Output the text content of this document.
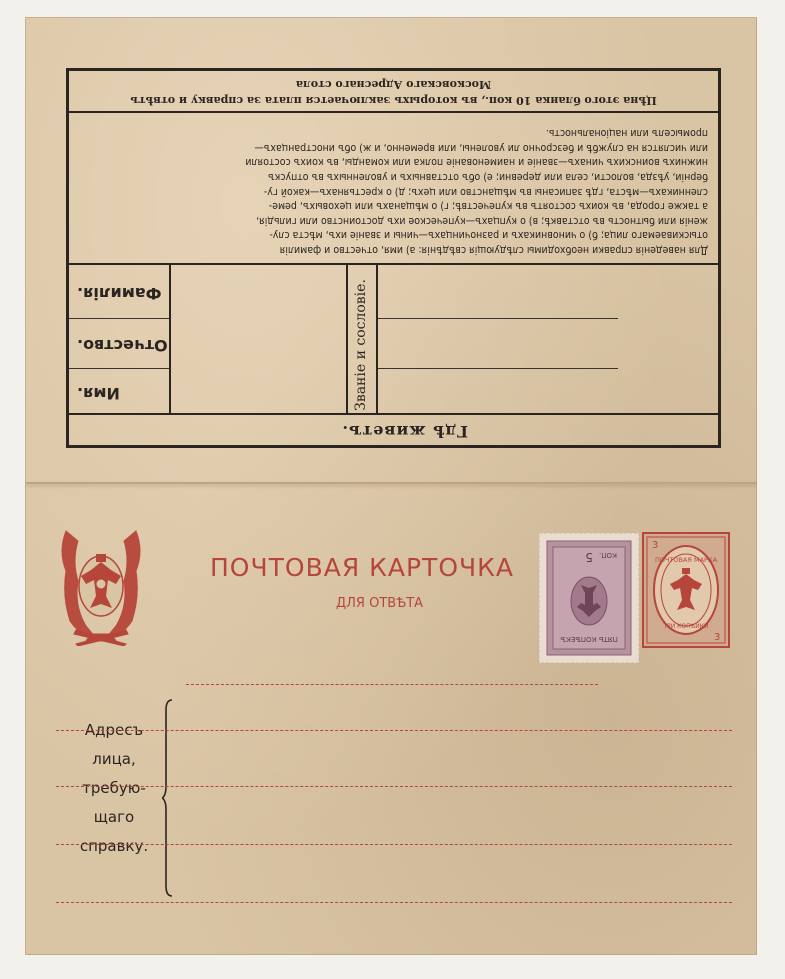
Гдѣ живетъ.
Званіе и сословіе.
Имя.
Отчество.
Фамилія.
Для наведенія справки необходимы слѣдующія свѣдѣнія: а) имя, отчество и фамилія
отыскиваемаго лица; б) о чиновникахъ и разночинцахъ—чины и званіе ихъ, мѣста слу-
женія или бытность въ отставкѣ; в) о купцахъ—купеческое ихъ достоинство или гильдія,
а также города, въ коихъ состоятъ въ купечествѣ; г) о мѣщанахъ или цеховыхъ, реме-
сленникахъ—мѣста, гдѣ записаны въ мѣщанство или цехъ; д) о крестьянахъ—какой гу-
берніи, уѣзда, волости, села или деревни; е) объ отставныхъ и уволенныхъ въ отпускъ
нижнихъ воинскихъ чинахъ—званіе и наименованіе полка или команды, въ коихъ состояли
или числятся на службѣ и безсрочно ли уволены, или временно, и ж) объ иностранцахъ—
промыселъ или національность.
Цѣна этого бланка 10 коп., въ которыхъ заключается плата за справку и отвѣтъ
Московскаго Адреснаго стола
ПОЧТОВАЯ КАРТОЧКА
ДЛЯ ОТВѢТА
3
3
ПОЧТОВАЯ МАРКА
ТРИ КОПѢЙКИ
ПЯТЬ КОПѢЕКЪ
5 КОП.
Адресъ
лица,
требую-
щаго
справку.
